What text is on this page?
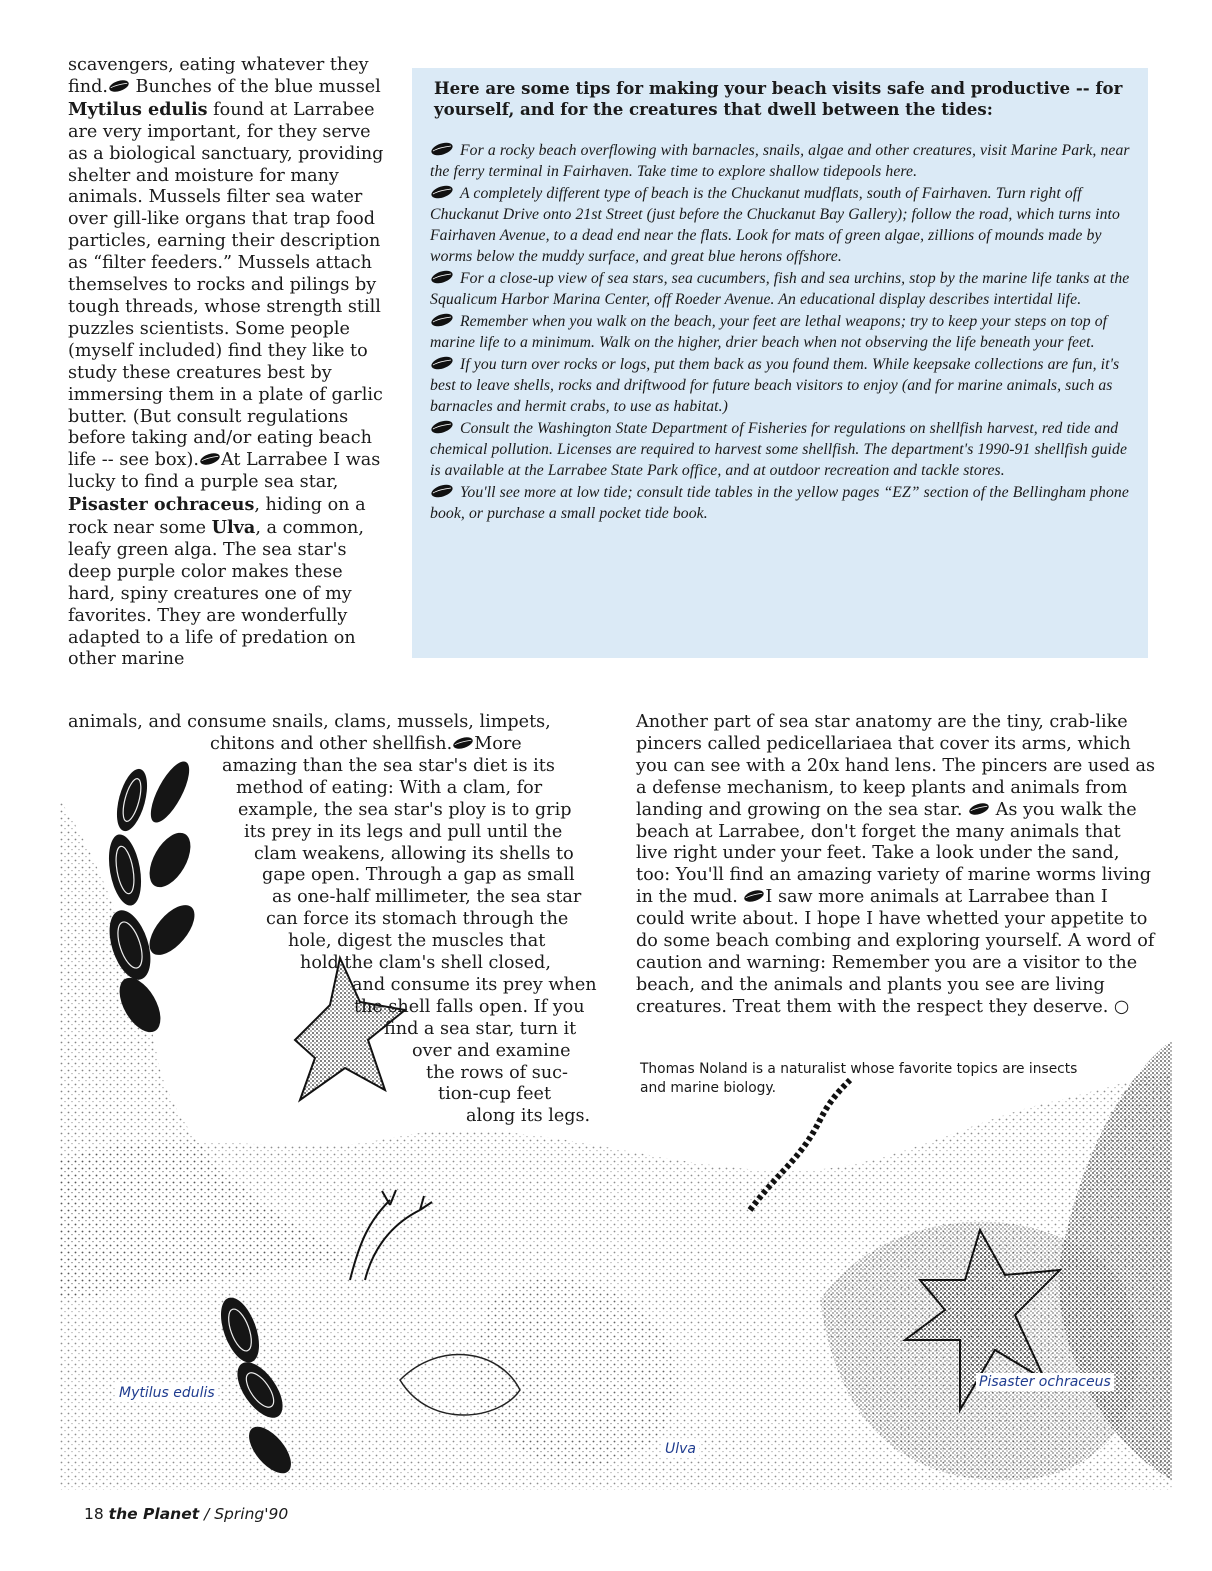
Mytilus edulis
Ulva
Pisaster ochraceus

scavengers, eating whatever they find. Bunches of the blue mussel Mytilus edulis found at Larrabee are very important, for they serve as a biological sanctuary, providing shelter and moisture for many animals. Mussels filter sea water over gill-like organs that trap food particles, earning their description as “filter feeders.” Mussels attach themselves to rocks and pilings by tough threads, whose strength still puzzles scientists. Some people (myself included) find they like to study these creatures best by immersing them in a plate of garlic butter. (But consult regulations before taking and/or eating beach life -- see box). At Larrabee I was lucky to find a purple sea star, Pisaster ochraceus, hiding on a rock near some Ulva, a common, leafy green alga. The sea star's deep purple color makes these hard, spiny creatures one of my favorites. They are wonderfully adapted to a life of predation on other marine

Here are some tips for making your beach visits safe and productive -- for yourself, and for the creatures that dwell between the tides:

For a rocky beach overflowing with barnacles, snails, algae and other creatures, visit Marine Park, near the ferry terminal in Fairhaven. Take time to explore shallow tidepools here.

A completely different type of beach is the Chuckanut mudflats, south of Fairhaven. Turn right off Chuckanut Drive onto 21st Street (just before the Chuckanut Bay Gallery); follow the road, which turns into Fairhaven Avenue, to a dead end near the flats. Look for mats of green algae, zillions of mounds made by worms below the muddy surface, and great blue herons offshore.

For a close-up view of sea stars, sea cucumbers, fish and sea urchins, stop by the marine life tanks at the Squalicum Harbor Marina Center, off Roeder Avenue. An educational display describes intertidal life.

Remember when you walk on the beach, your feet are lethal weapons; try to keep your steps on top of marine life to a minimum. Walk on the higher, drier beach when not observing the life beneath your feet.

If you turn over rocks or logs, put them back as you found them. While keepsake collections are fun, it's best to leave shells, rocks and driftwood for future beach visitors to enjoy (and for marine animals, such as barnacles and hermit crabs, to use as habitat.)

Consult the Washington State Department of Fisheries for regulations on shellfish harvest, red tide and chemical pollution. Licenses are required to harvest some shellfish. The department's 1990-91 shellfish guide is available at the Larrabee State Park office, and at outdoor recreation and tackle stores.

You'll see more at low tide; consult tide tables in the yellow pages “EZ” section of the Bellingham phone book, or purchase a small pocket tide book.

animals, and consume snails, clams, mussels, limpets,
chitons and other shellfish. More
amazing than the sea star's diet is its
method of eating: With a clam, for
example, the sea star's ploy is to grip
its prey in its legs and pull until the
clam weakens, allowing its shells to
gape open. Through a gap as small
as one-half millimeter, the sea star
can force its stomach through the
hole, digest the muscles that
hold the clam's shell closed,
and consume its prey when
the shell falls open. If you
find a sea star, turn it
over and examine
the rows of suc-
tion-cup feet
along its legs.

Another part of sea star anatomy are the tiny, crab-like pincers called pedicellariaea that cover its arms, which you can see with a 20x hand lens. The pincers are used as a defense mechanism, to keep plants and animals from landing and growing on the sea star.  As you walk the beach at Larrabee, don't forget the many animals that live right under your feet. Take a look under the sand, too: You'll find an amazing variety of marine worms living in the mud. I saw more animals at Larrabee than I could write about. I hope I have whetted your appetite to do some beach combing and exploring yourself. A word of caution and warning: Remember you are a visitor to the beach, and the animals and plants you see are living creatures. Treat them with the respect they deserve. ○

Thomas Noland is a naturalist whose favorite topics are insects and marine biology.
18 the Planet / Spring'90
